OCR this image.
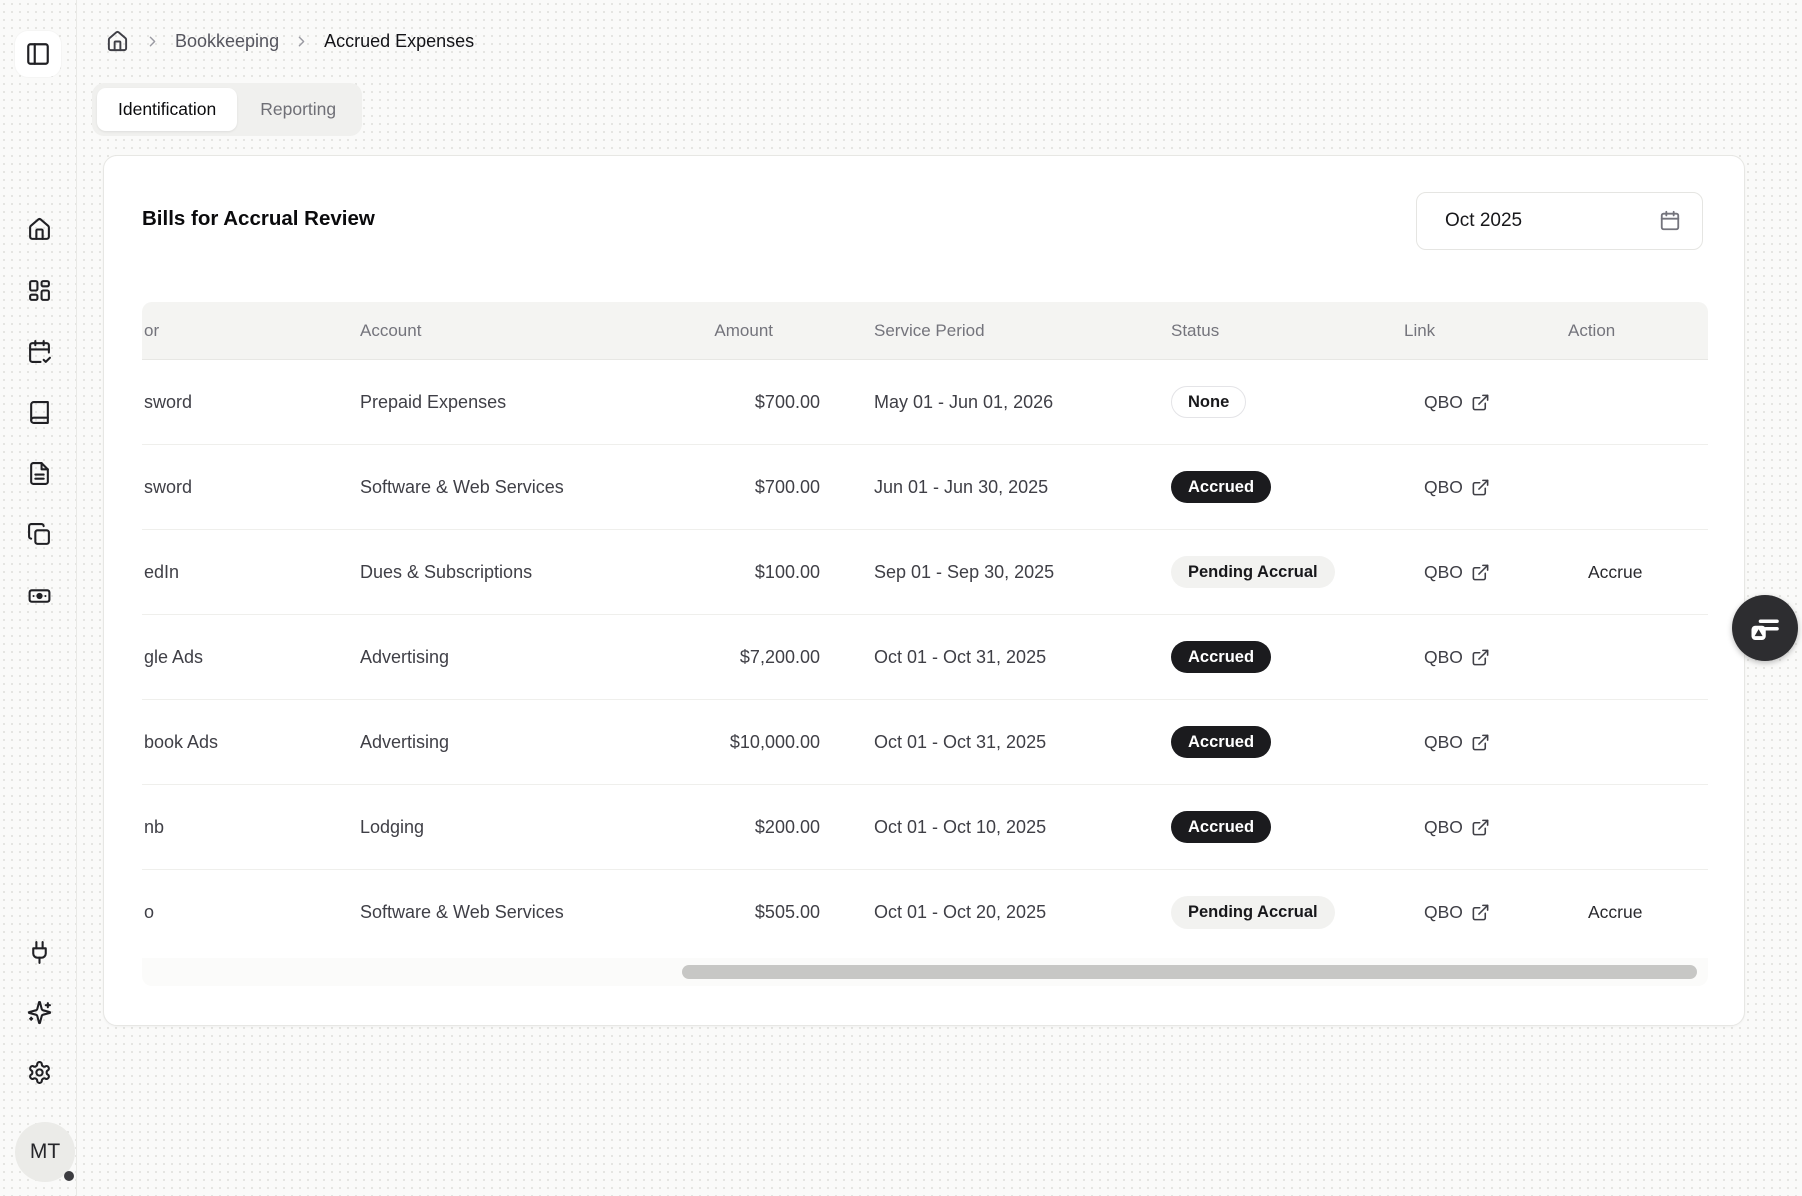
MT
Bookkeeping	Accrued Expenses
Identification	Reporting
Bills for Accrual Review	Oct 2025
or	Account	Amount	Service Period	Status	Link	Action
sword	Prepaid Expenses	$700.00	May 01 - Jun 01, 2026	None	QBO
sword	Software & Web Services	$700.00	Jun 01 - Jun 30, 2025	Accrued	QBO
edIn	Dues & Subscriptions	$100.00	Sep 01 - Sep 30, 2025	Pending Accrual	QBO	Accrue
gle Ads	Advertising	$7,200.00	Oct 01 - Oct 31, 2025	Accrued	QBO
book Ads	Advertising	$10,000.00	Oct 01 - Oct 31, 2025	Accrued	QBO
nb	Lodging	$200.00	Oct 01 - Oct 10, 2025	Accrued	QBO
o	Software & Web Services	$505.00	Oct 01 - Oct 20, 2025	Pending Accrual	QBO	Accrue
